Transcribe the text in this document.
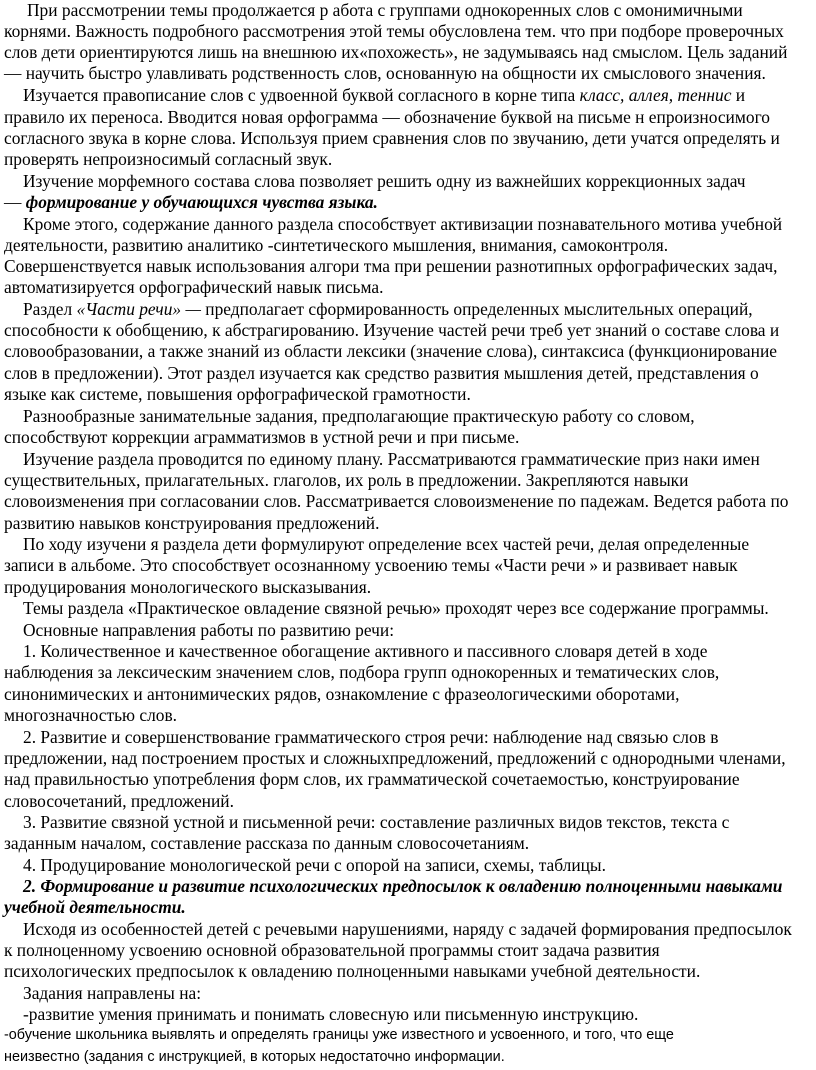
При рассмотрении темы продолжается р абота с группами однокоренных слов с омонимичными
корнями. Важность подробного рассмотрения этой темы обусловлена тем. что при подборе проверочных
слов дети ориентируются лишь на внешнюю их«похожесть», не задумываясь над смыслом. Цель заданий
— научить быстро улавливать родственность слов, основанную на общности их смыслового значения.
Изучается правописание слов с удвоенной буквой согласного в корне типа класс, аллея, теннис и
правило их переноса. Вводится новая орфограмма — обозначение буквой на письме н епроизносимого
согласного звука в корне слова. Используя прием сравнения слов по звучанию, дети учатся определять и
проверять непроизносимый согласный звук.
Изучение морфемного состава слова позволяет решить одну из важнейших коррекционных задач
— формирование у обучающихся чувства языка.
Кроме этого, содержание данного раздела способствует активизации познавательного мотива учебной
деятельности, развитию аналитико -синтетического мышления, внимания, самоконтроля.
Совершенствуется навык использования алгори тма при решении разнотипных орфографических задач,
автоматизируется орфографический навык письма.
Раздел «Части речи» — предполагает сформированность определенных мыслительных операций,
способности к обобщению, к абстрагированию. Изучение частей речи треб ует знаний о составе слова и
словообразовании, а также знаний из области лексики (значение слова), синтаксиса (функционирование
слов в предложении). Этот раздел изучается как средство развития мышления детей, представления о
языке как системе, повышения орфографической грамотности.
Разнообразные занимательные задания, предполагающие практическую работу со словом,
способствуют коррекции аграмматизмов в устной речи и при письме.
Изучение раздела проводится по единому плану. Рассматриваются грамматические приз наки имен
существительных, прилагательных. глаголов, их роль в предложении. Закрепляются навыки
словоизменения при согласовании слов. Рассматривается словоизменение по падежам. Ведется работа по
развитию навыков конструирования предложений.
По ходу изучени я раздела дети формулируют определение всех частей речи, делая определенные
записи в альбоме. Это способствует осознанному усвоению темы «Части речи » и развивает навык
продуцирования монологического высказывания.
Темы раздела «Практическое овладение связной речью» проходят через все содержание программы.
Основные направления работы по развитию речи:
1. Количественное и качественное обогащение активного и пассивного словаря детей в ходе
наблюдения за лексическим значением слов, подбора групп однокоренных и тематических слов,
синонимических и антонимических рядов, ознакомление с фразеологическими оборотами,
многозначностью слов.
2. Развитие и совершенствование грамматического строя речи: наблюдение над связью слов в
предложении, над построением простых и сложныхпредложений, предложений с однородными членами,
над правильностью употребления форм слов, их грамматической сочетаемостью, конструирование
словосочетаний, предложений.
3. Развитие связной устной и письменной речи: составление различных видов текстов, текста с
заданным началом, составление рассказа по данным словосочетаниям.
4. Продуцирование монологической речи с опорой на записи, схемы, таблицы.
2. Формирование и развитие психологических предпосылок к овладению полноценными навыками
учебной деятельности.
Исходя из особенностей детей с речевыми нарушениями, наряду с задачей формирования предпосылок
к полноценному усвоению основной образовательной программы стоит задача развития
психологических предпосылок к овладению полноценными навыками учебной деятельности.
Задания направлены на:
-развитие умения принимать и понимать словесную или письменную инструкцию.
-обучение школьника выявлять и определять границы уже известного и усвоенного, и того, что еще
неизвестно (задания с инструкцией, в которых недостаточно информации.
